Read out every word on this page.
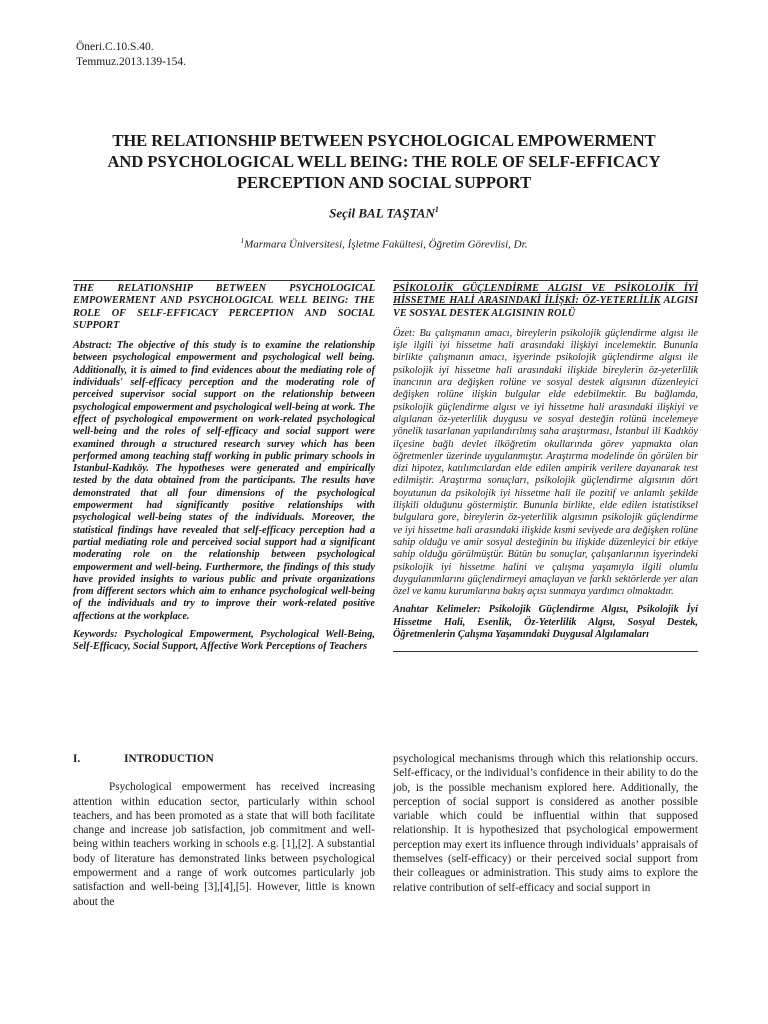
Öneri.C.10.S.40.
Temmuz.2013.139-154.
THE RELATIONSHIP BETWEEN PSYCHOLOGICAL EMPOWERMENT
AND PSYCHOLOGICAL WELL BEING: THE ROLE OF SELF-EFFICACY
PERCEPTION AND SOCIAL SUPPORT
Seçil BAL TAŞTAN$^1$
$^1$Marmara Üniversitesi, İşletme Fakültesi, Öğretim Görevlisi, Dr.
THE RELATIONSHIP BETWEEN PSYCHOLOGICAL EMPOWERMENT AND PSYCHOLOGICAL WELL BEING: THE ROLE OF SELF-EFFICACY PERCEPTION AND SOCIAL SUPPORT
Abstract: The objective of this study is to examine the relationship between psychological empowerment and psychological well being. Additionally, it is aimed to find evidences about the mediating role of individuals' self-efficacy perception and the moderating role of perceived supervisor social support on the relationship between psychological empowerment and psychological well-being at work. The effect of psychological empowerment on work-related psychological well-being and the roles of self-efficacy and social support were examined through a structured research survey which has been performed among teaching staff working in public primary schools in Istanbul-Kadıköy. The hypotheses were generated and empirically tested by the data obtained from the participants. The results have demonstrated that all four dimensions of the psychological empowerment had significantly positive relationships with psychological well-being states of the individuals. Moreover, the statistical findings have revealed that self-efficacy perception had a partial mediating role and perceived social support had a significant moderating role on the relationship between psychological empowerment and well-being. Furthermore, the findings of this study have provided insights to various public and private organizations from different sectors which aim to enhance psychological well-being of the individuals and try to improve their work-related positive affections at the workplace.
Keywords: Psychological Empowerment, Psychological Well-Being, Self-Efficacy, Social Support, Affective Work Perceptions of Teachers
PSİKOLOJİK GÜÇLENDİRME ALGISI VE PSİKOLOJİK İYİ HİSSETME HALİ ARASINDAKİ İLİŞKİ: ÖZ-YETERLİLİK ALGISI VE SOSYAL DESTEK ALGISININ ROLÜ
Özet: Bu çalışmanın amacı, bireylerin psikolojik güçlendirme algısı ile işle ilgili iyi hissetme hali arasındaki ilişkiyi incelemektir. Bununla birlikte çalışmanın amacı, işyerinde psikolojik güçlendirme algısı ile psikolojik iyi hissetme hali arasındaki ilişkide bireylerin öz-yeterlilik inancının ara değişken rolüne ve sosyal destek algısının düzenleyici değişken rolüne ilişkin bulgular elde edebilmektir. Bu bağlamda, psikolojik güçlendirme algısı ve iyi hissetme hali arasındaki ilişkiyi ve algılanan öz-yeterlilik duygusu ve sosyal desteğin rolünü incelemeye yönelik tasarlanan yapılandırılmış saha araştırması, İstanbul ili Kadıköy ilçesine bağlı devlet ilköğretim okullarında görev yapmakta olan öğretmenler üzerinde uygulanmıştır. Araştırma modelinde ön görülen bir dizi hipotez, katılımcılardan elde edilen ampirik verilere dayanarak test edilmiştir. Araştırma sonuçları, psikolojik güçlendirme algısının dört boyutunun da psikolojik iyi hissetme hali ile pozitif ve anlamlı şekilde ilişkili olduğunu göstermiştir. Bununla birlikte, elde edilen istatistiksel bulgulara gore, bireylerin öz-yeterlilik algısının psikolojik güçlendirme ve iyi hissetme hali arasındaki ilişkide kısmi seviyede ara değişken rolüne sahip olduğu ve amir sosyal desteğinin bu ilişkide düzenleyici bir etkiye sahip olduğu görülmüştür. Bütün bu sonuçlar, çalışanlarının işyerindeki psikolojik iyi hissetme halini ve çalışma yaşamıyla ilgili olumlu duygulanımlarını güçlendirmeyi amaçlayan ve farklı sektörlerde yer alan özel ve kamu kurumlarına bakış açısı sunmaya yardımcı olmaktadır.
Anahtar Kelimeler: Psikolojik Güçlendirme Algısı, Psikolojik İyi Hissetme Hali, Esenlik, Öz-Yeterlilik Algısı, Sosyal Destek, Öğretmenlerin Çalışma Yaşamındaki Duygusal Algılamaları
I.	INTRODUCTION

Psychological empowerment has received increasing attention within education sector, particularly within school teachers, and has been promoted as a state that will both facilitate change and increase job satisfaction, job commitment and well-being within teachers working in schools e.g. [1],[2]. A substantial body of literature has demonstrated links between psychological empowerment and a range of work outcomes particularly job satisfaction and well-being [3],[4],[5]. However, little is known about the

psychological mechanisms through which this relationship occurs. Self-efficacy, or the individual’s confidence in their ability to do the job, is the possible mechanism explored here. Additionally, the perception of social support is considered as another possible variable which could be influential within that supposed relationship. It is hypothesized that psychological empowerment perception may exert its influence through individuals’ appraisals of themselves (self-efficacy) or their perceived social support from their colleagues or administration. This study aims to explore the relative contribution of self-efficacy and social support in
